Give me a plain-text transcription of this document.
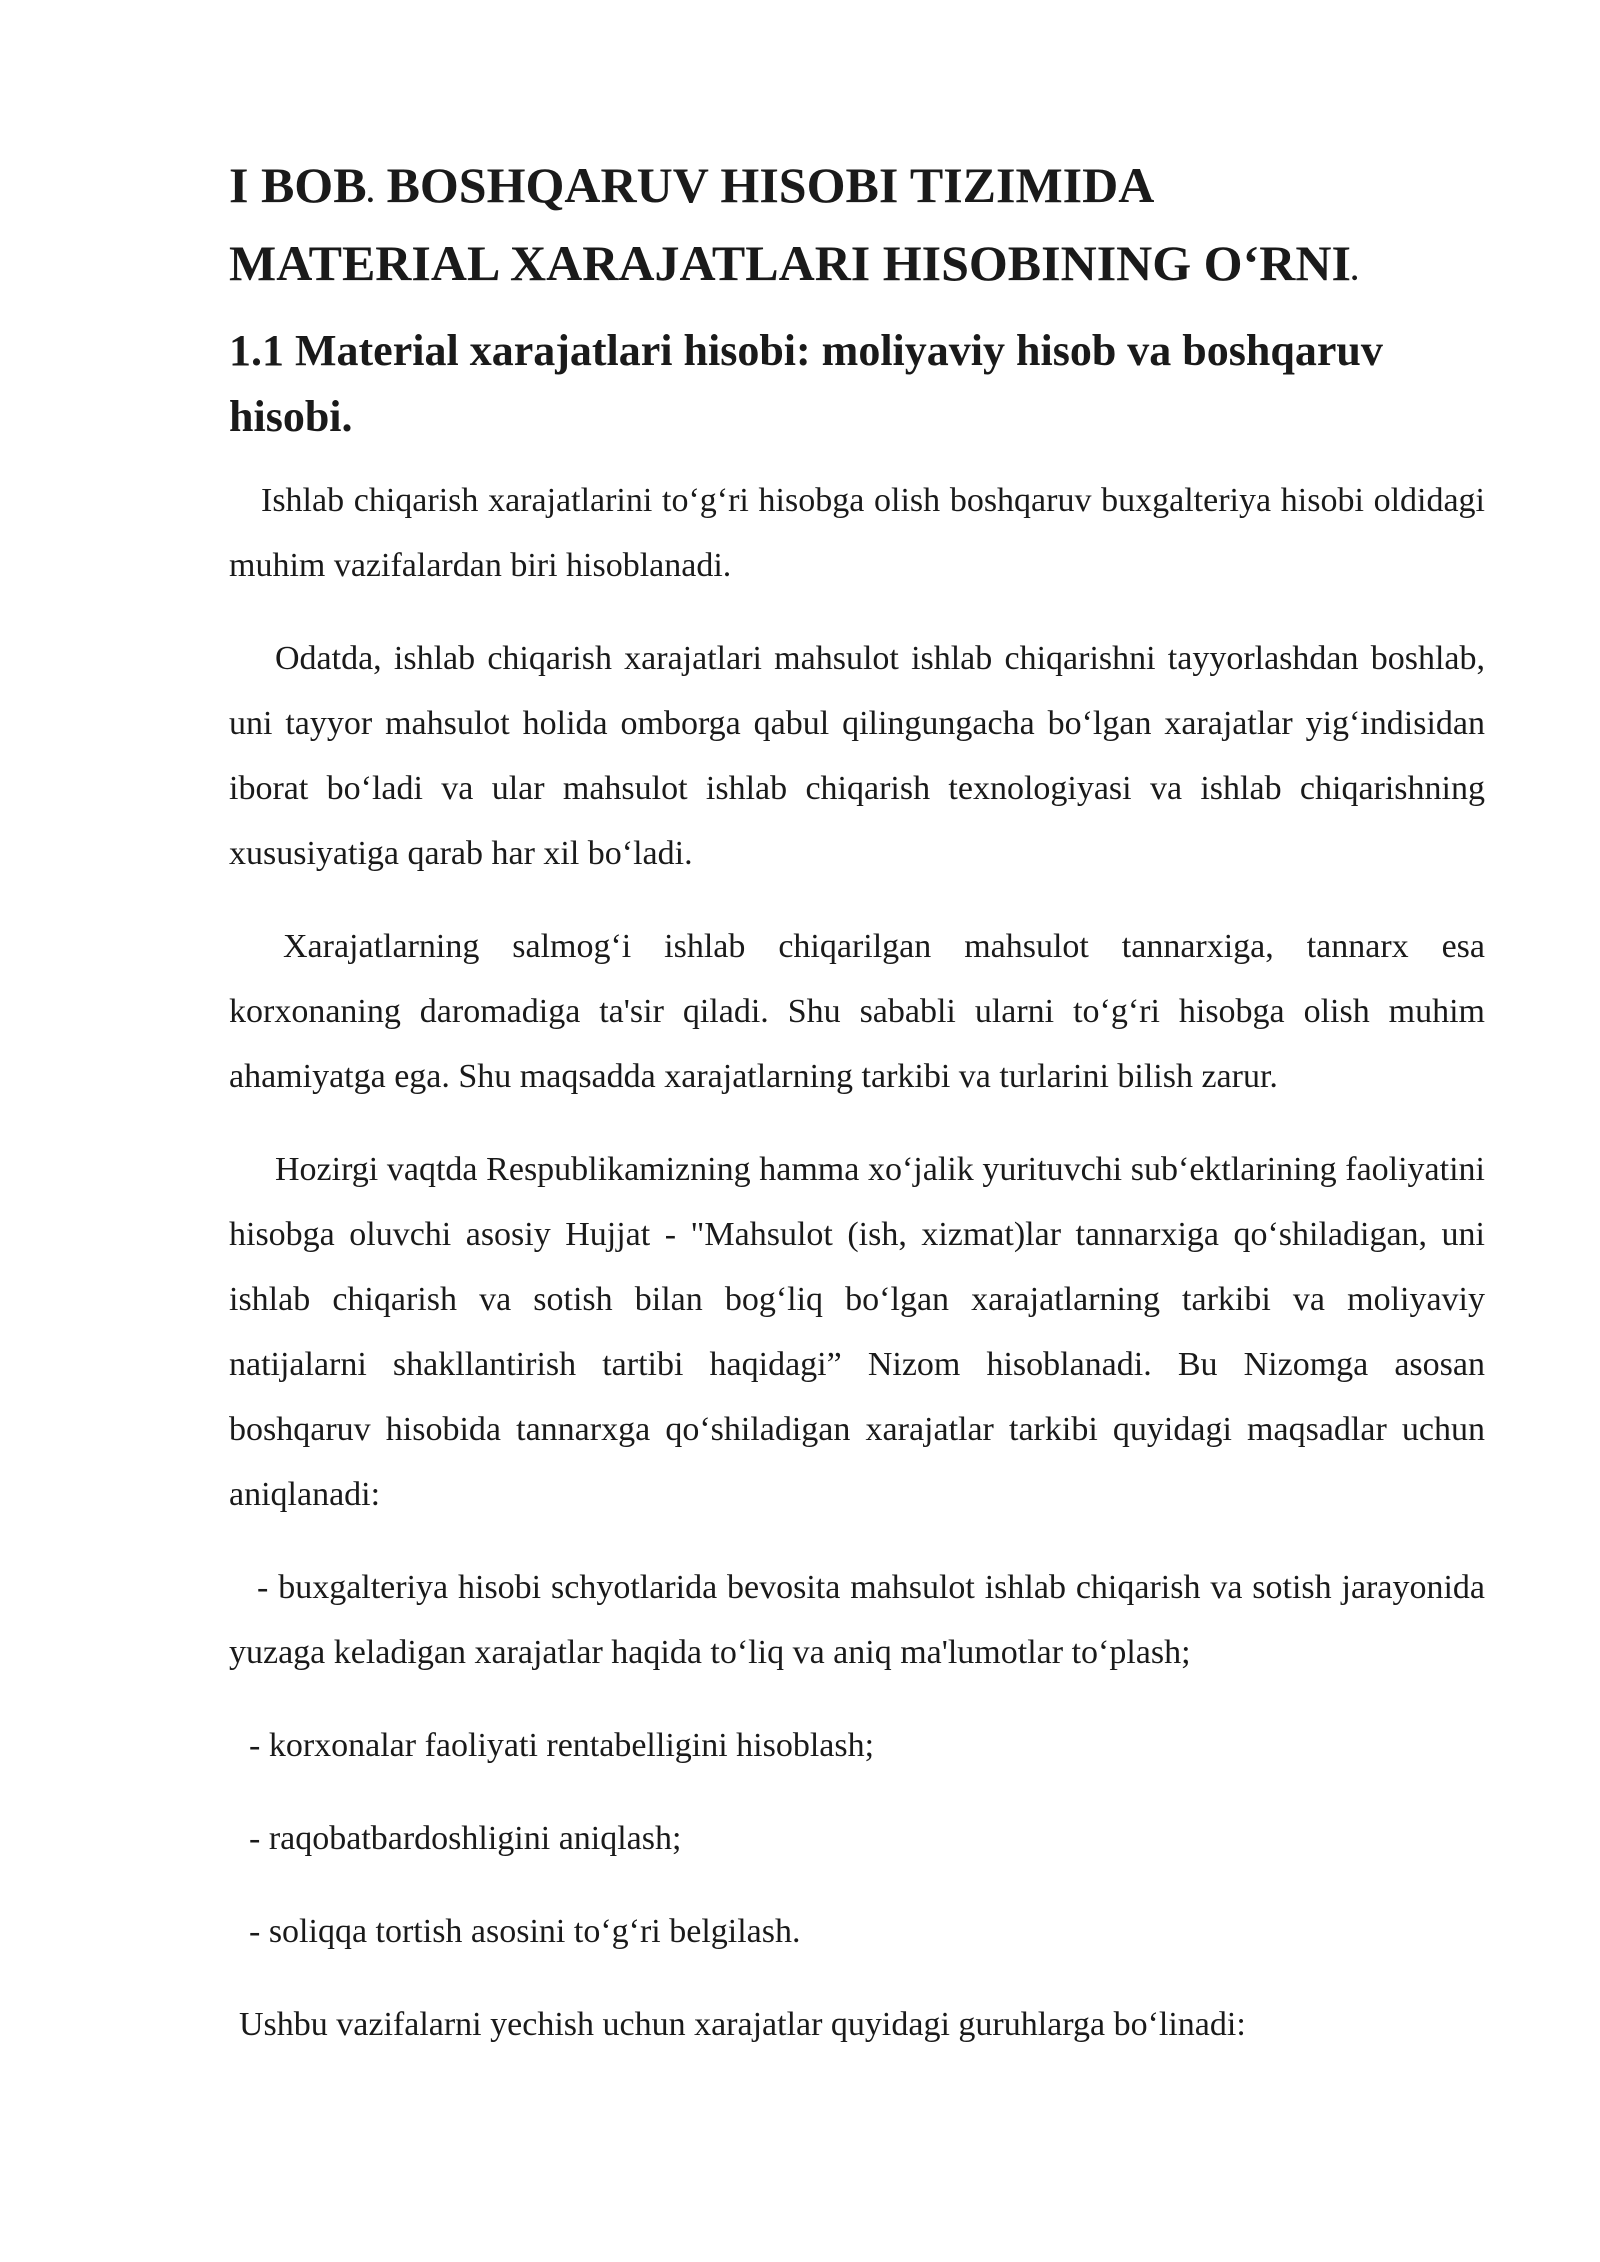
I BOB. BOSHQARUV HISOBI TIZIMIDA
MATERIAL XARAJATLARI HISOBINING O‘RNI.
1.1 Material xarajatlari hisobi: moliyaviy hisob va boshqaruv hisobi.

Ishlab chiqarish xarajatlarini to‘g‘ri hisobga olish boshqaruv buxgalteriya hisobi oldidagi muhim vazifalardan biri hisoblanadi.

Odatda, ishlab chiqarish xarajatlari mahsulot ishlab chiqarishni tayyorlashdan boshlab, uni tayyor mahsulot holida omborga qabul qilingungacha bo‘lgan xarajatlar yig‘indisidan iborat bo‘ladi va ular mahsulot ishlab chiqarish texnologiyasi va ishlab chiqarishning xususiyatiga qarab har xil bo‘ladi.

Xarajatlarning salmog‘i ishlab chiqarilgan mahsulot tannarxiga, tannarx esa korxonaning daromadiga ta'sir qiladi. Shu sababli ularni to‘g‘ri hisobga olish muhim ahamiyatga ega. Shu maqsadda xarajatlarning tarkibi va turlarini bilish zarur.

Hozirgi vaqtda Respublikamizning hamma xo‘jalik yurituvchi sub‘ektlarining faoliyatini hisobga oluvchi asosiy Hujjat - "Mahsulot (ish, xizmat)lar tannarxiga qo‘shiladigan, uni ishlab chiqarish va sotish bilan bog‘liq bo‘lgan xarajatlarning tarkibi va moliyaviy natijalarni shakllantirish tartibi haqidagi” Nizom hisoblanadi. Bu Nizomga asosan boshqaruv hisobida tannarxga qo‘shiladigan xarajatlar tarkibi quyidagi maqsadlar uchun aniqlanadi:

- buxgalteriya hisobi schyotlarida bevosita mahsulot ishlab chiqarish va sotish jarayonida yuzaga keladigan xarajatlar haqida to‘liq va aniq ma'lumotlar to‘plash;

- korxonalar faoliyati rentabelligini hisoblash;

- raqobatbardoshligini aniqlash;

- soliqqa tortish asosini to‘g‘ri belgilash.

Ushbu vazifalarni yechish uchun xarajatlar quyidagi guruhlarga bo‘linadi:
